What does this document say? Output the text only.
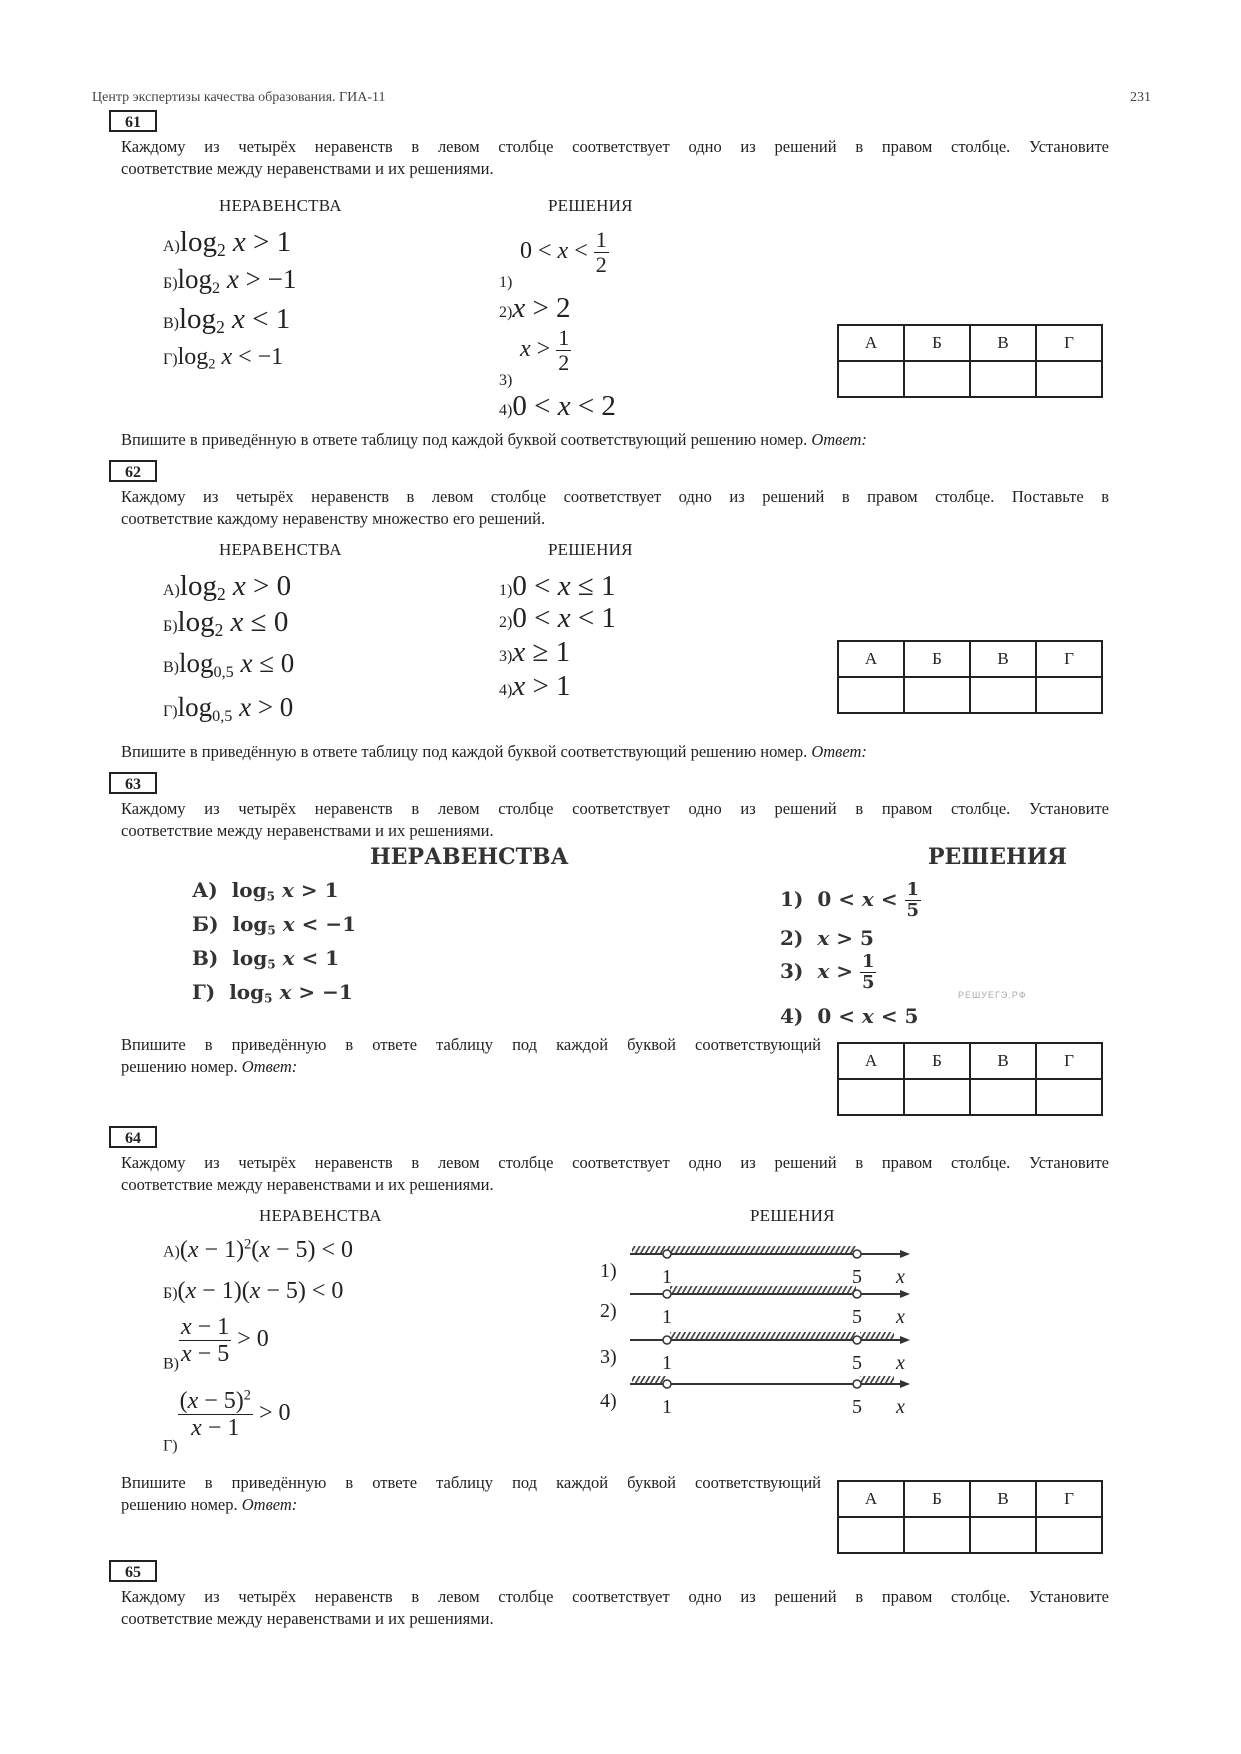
Центр экспертизы качества образования. ГИА-11	231
61
Каждому из четырёх неравенств в левом столбце соответствует одно из решений в правом столбце. Установите
соответствие между неравенствами и их решениями.
НЕРАВЕНСТВА	РЕШЕНИЯ
$А)\log_2$ x > 1
$Б)\log_2$ x > −1
$В)\log_2$ x < 1
$Г)\log_2$ x < −1
$0 < x < \frac{1}{2}$
1)
2)x > 2
$x > \frac{1}{2}$
3)
4)0 < x < 2
А	Б	В	Г

Впишите в приведённую в ответе таблицу под каждой буквой соответствующий решению номер. Ответ:
62
Каждому из четырёх неравенств в левом столбце соответствует одно из решений в правом столбце. Поставьте в
соответствие каждому неравенству множество его решений.
НЕРАВЕНСТВА	РЕШЕНИЯ
$А)\log_2$ x > 0
$Б)\log_2$ x ≤ 0
$В)\log_{0,5}$ x ≤ 0
$Г)\log_{0,5}$ x > 0
1)0 < x ≤ 1
2)0 < x < 1
3)x ≥ 1
4)x > 1
А	Б	В	Г

Впишите в приведённую в ответе таблицу под каждой буквой соответствующий решению номер. Ответ:
63
Каждому из четырёх неравенств в левом столбце соответствует одно из решений в правом столбце. Установите
соответствие между неравенствами и их решениями.
НЕРАВЕНСТВА	РЕШЕНИЯ
А)  $\log_5 x > 1$
Б)  $\log_5 x < -1$
В)  $\log_5 x < 1$
Г)  $\log_5 x > -1$
1)  $0 < x < \frac{1}{5}$
2) x > 5
3) $x > \frac{1}{5}$
РЕШУЕГЭ.РФ
4)  0 < x < 5
Впишите в приведённую в ответе таблицу под каждой буквой соответствующий
решению номер. Ответ:	А	Б	В	Г

64
Каждому из четырёх неравенств в левом столбце соответствует одно из решений в правом столбце. Установите
соответствие между неравенствами и их решениями.
НЕРАВЕНСТВА	РЕШЕНИЯ
$А)(x - 1)^2(x - 5) < 0$
Б)(x − 1)(x − 5) < 0
$В) \frac{x - 1}{x - 5} > 0$
Г)
$\frac{(x - 5)^2}{x - 1} > 0$
1) 1	5 x
2) 1	5 x
3) 1	5 x
4) 1	5 x
Впишите в приведённую в ответе таблицу под каждой буквой соответствующий
решению номер. Ответ:	А	Б	В	Г

65
Каждому из четырёх неравенств в левом столбце соответствует одно из решений в правом столбце. Установите
соответствие между неравенствами и их решениями.
